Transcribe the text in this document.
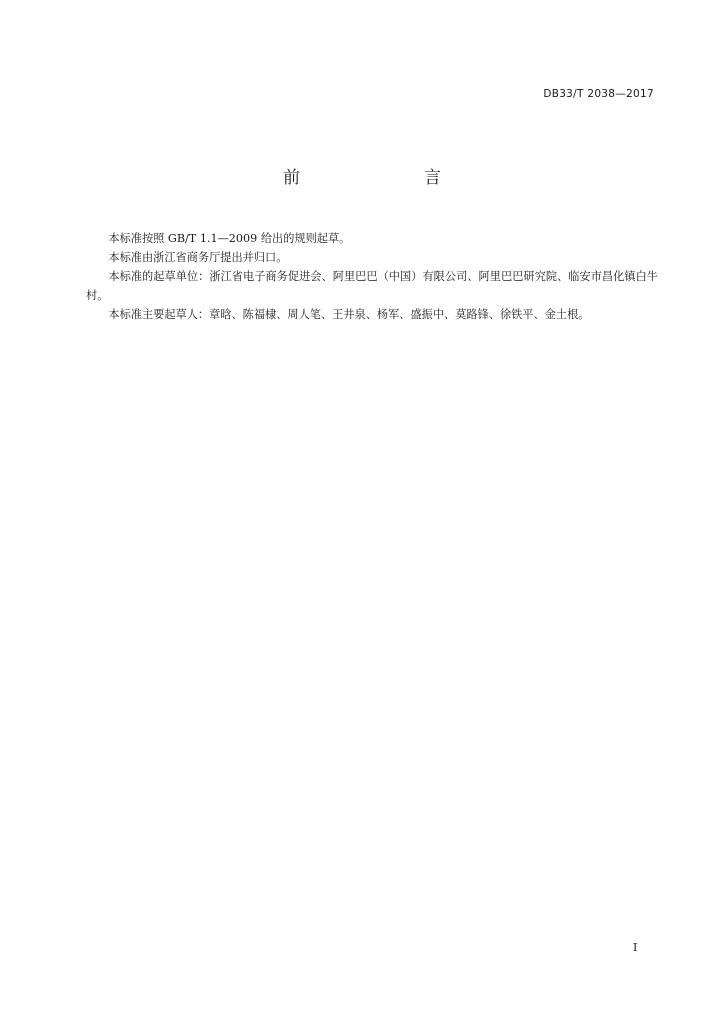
DB33/T 2038—2017
前　　言

本标准按照 GB/T 1.1—2009 给出的规则起草。

本标准由浙江省商务厅提出并归口。

本标准的起草单位：浙江省电子商务促进会、阿里巴巴（中国）有限公司、阿里巴巴研究院、临安市昌化镇白牛村。

本标准主要起草人：章晗、陈福棣、周人笔、王井泉、杨军、盛振中、莫路锋、徐铁平、金土根。

I
